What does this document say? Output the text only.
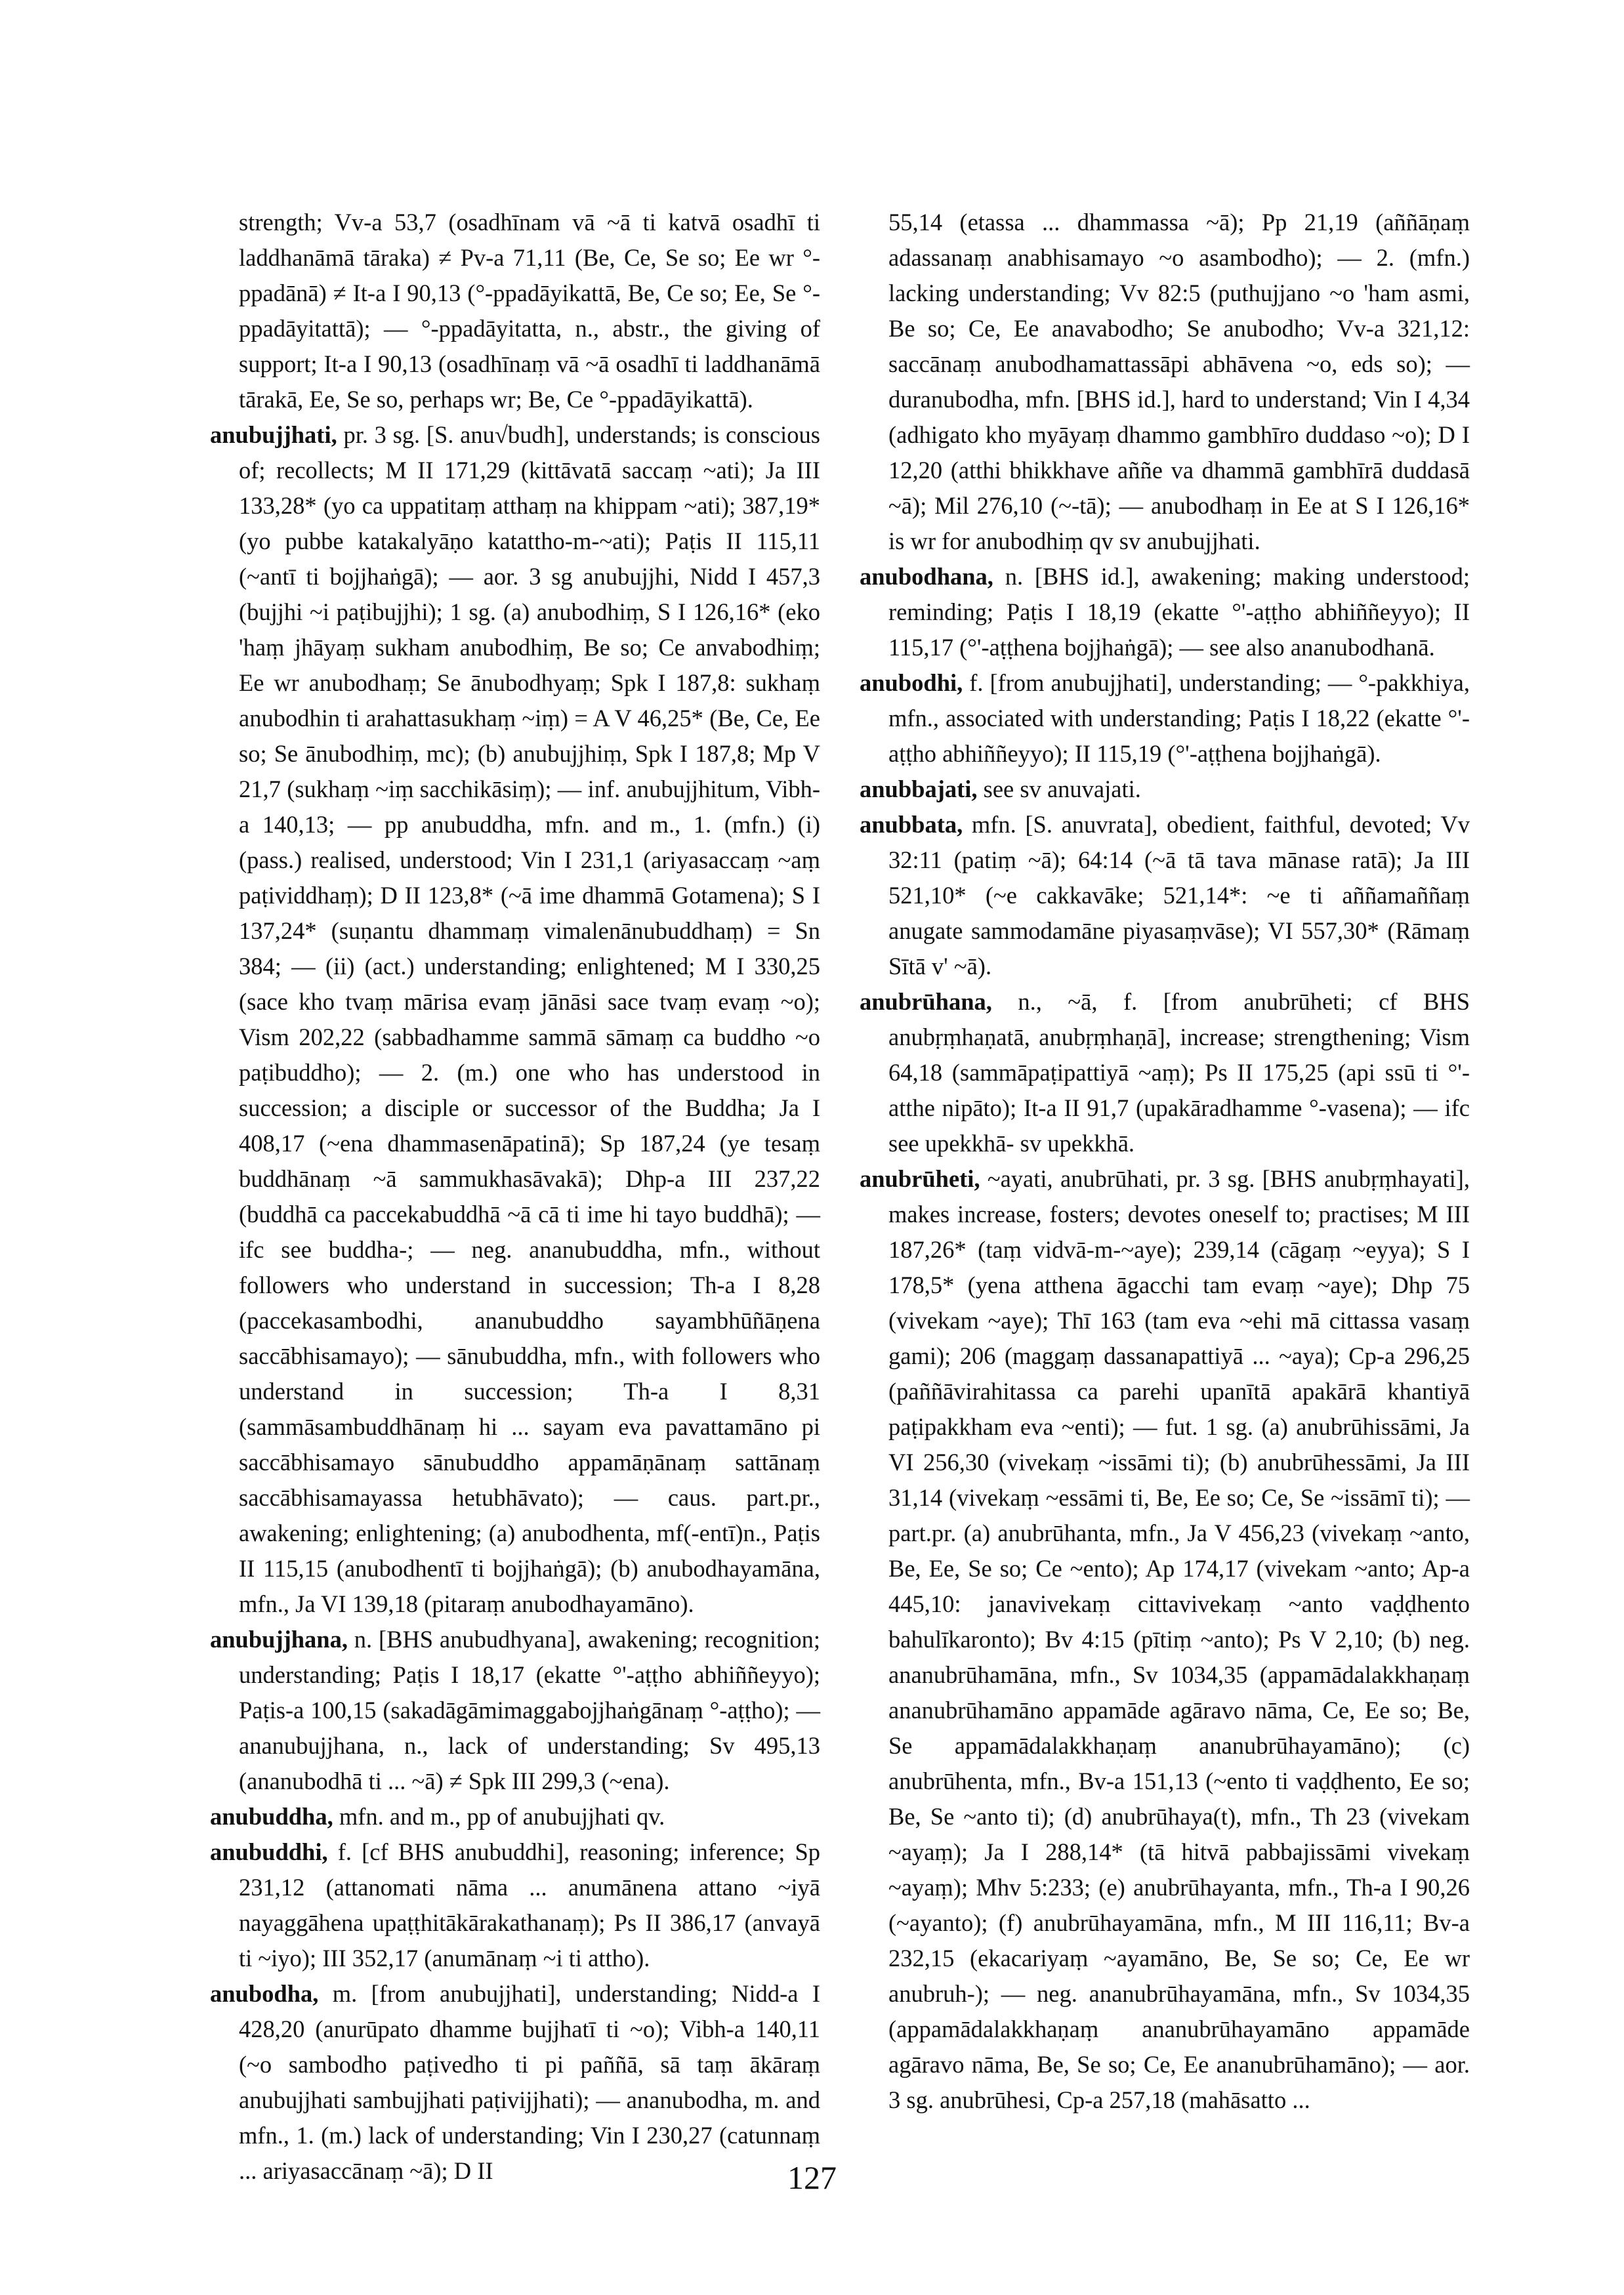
strength; Vv-a 53,7 (osadhīnam vā ~ā ti katvā osadhī ti laddhanāmā tāraka) ≠ Pv-a 71,11 (Be, Ce, Se so; Ee wr °-ppadānā) ≠ It-a I 90,13 (°-ppadāyikattā, Be, Ce so; Ee, Se °-ppadāyitattā); — °-ppadāyitatta, n., abstr., the giving of support; It-a I 90,13 (osadhīnaṃ vā ~ā osadhī ti laddhanāmā tārakā, Ee, Se so, perhaps wr; Be, Ce °-ppadāyikattā).

anubujjhati, pr. 3 sg. [S. anu√budh], understands; is conscious of; recollects; M II 171,29 (kittāvatā saccaṃ ~ati); Ja III 133,28* (yo ca uppatitaṃ atthaṃ na khippam ~ati); 387,19* (yo pubbe katakalyāṇo katattho-m-~ati); Paṭis II 115,11 (~antī ti bojjhaṅgā); — aor. 3 sg anubujjhi, Nidd I 457,3 (bujjhi ~i paṭibujjhi); 1 sg. (a) anubodhiṃ, S I 126,16* (eko 'haṃ jhāyaṃ sukham anubodhiṃ, Be so; Ce anvabodhiṃ; Ee wr anubodhaṃ; Se ānubodhyaṃ; Spk I 187,8: sukhaṃ anubodhin ti arahattasukhaṃ ~iṃ) = A V 46,25* (Be, Ce, Ee so; Se ānubodhiṃ, mc); (b) anubujjhiṃ, Spk I 187,8; Mp V 21,7 (sukhaṃ ~iṃ sacchikāsiṃ); — inf. anubujjhitum, Vibh-a 140,13; — pp anubuddha, mfn. and m., 1. (mfn.) (i) (pass.) realised, understood; Vin I 231,1 (ariyasaccaṃ ~aṃ paṭividdhaṃ); D II 123,8* (~ā ime dhammā Gotamena); S I 137,24* (suṇantu dhammaṃ vimalenānubuddhaṃ) = Sn 384; — (ii) (act.) understanding; enlightened; M I 330,25 (sace kho tvaṃ mārisa evaṃ jānāsi sace tvaṃ evaṃ ~o); Vism 202,22 (sabbadhamme sammā sāmaṃ ca buddho ~o paṭibuddho); — 2. (m.) one who has understood in succession; a disciple or successor of the Buddha; Ja I 408,17 (~ena dhammasenāpatinā); Sp 187,24 (ye tesaṃ buddhānaṃ ~ā sammukhasāvakā); Dhp-a III 237,22 (buddhā ca paccekabuddhā ~ā cā ti ime hi tayo buddhā); — ifc see buddha-; — neg. ananubuddha, mfn., without followers who understand in succession; Th-a I 8,28 (paccekasambodhi, ananubuddho sayambhūñāṇena saccābhisamayo); — sānubuddha, mfn., with followers who understand in succession; Th-a I 8,31 (sammāsambuddhānaṃ hi ... sayam eva pavattamāno pi saccābhisamayo sānubuddho appamāṇānaṃ sattānaṃ saccābhisamayassa hetubhāvato); — caus. part.pr., awakening; enlightening; (a) anubodhenta, mf(-entī)n., Paṭis II 115,15 (anubodhentī ti bojjhaṅgā); (b) anubodhayamāna, mfn., Ja VI 139,18 (pitaraṃ anubodhayamāno).

anubujjhana, n. [BHS anubudhyana], awakening; recognition; understanding; Paṭis I 18,17 (ekatte °'-aṭṭho abhiññeyyo); Paṭis-a 100,15 (sakadāgāmimaggabojjhaṅgānaṃ °-aṭṭho); — ananubujjhana, n., lack of understanding; Sv 495,13 (ananubodhā ti ... ~ā) ≠ Spk III 299,3 (~ena).

anubuddha, mfn. and m., pp of anubujjhati qv.

anubuddhi, f. [cf BHS anubuddhi], reasoning; inference; Sp 231,12 (attanomati nāma ... anumānena attano ~iyā nayaggāhena upaṭṭhitākārakathanaṃ); Ps II 386,17 (anvayā ti ~iyo); III 352,17 (anumānaṃ ~i ti attho).

anubodha, m. [from anubujjhati], understanding; Nidd-a I 428,20 (anurūpato dhamme bujjhatī ti ~o); Vibh-a 140,11 (~o sambodho paṭivedho ti pi paññā, sā taṃ ākāraṃ anubujjhati sambujjhati paṭivijjhati); — ananubodha, m. and mfn., 1. (m.) lack of understanding; Vin I 230,27 (catunnaṃ ... ariyasaccānaṃ ~ā); D II

55,14 (etassa ... dhammassa ~ā); Pp 21,19 (aññāṇaṃ adassanaṃ anabhisamayo ~o asambodho); — 2. (mfn.) lacking understanding; Vv 82:5 (puthujjano ~o 'ham asmi, Be so; Ce, Ee anavabodho; Se anubodho; Vv-a 321,12: saccānaṃ anubodhamattassāpi abhāvena ~o, eds so); — duranubodha, mfn. [BHS id.], hard to understand; Vin I 4,34 (adhigato kho myāyaṃ dhammo gambhīro duddaso ~o); D I 12,20 (atthi bhikkhave aññe va dhammā gambhīrā duddasā ~ā); Mil 276,10 (~-tā); — anubodhaṃ in Ee at S I 126,16* is wr for anubodhiṃ qv sv anubujjhati.

anubodhana, n. [BHS id.], awakening; making understood; reminding; Paṭis I 18,19 (ekatte °'-aṭṭho abhiññeyyo); II 115,17 (°'-aṭṭhena bojjhaṅgā); — see also ananubodhanā.

anubodhi, f. [from anubujjhati], understanding; — °-pakkhiya, mfn., associated with understanding; Paṭis I 18,22 (ekatte °'-aṭṭho abhiññeyyo); II 115,19 (°'-aṭṭhena bojjhaṅgā).

anubbajati, see sv anuvajati.

anubbata, mfn. [S. anuvrata], obedient, faithful, devoted; Vv 32:11 (patiṃ ~ā); 64:14 (~ā tā tava mānase ratā); Ja III 521,10* (~e cakkavāke; 521,14*: ~e ti aññamaññaṃ anugate sammodamāne piyasaṃvāse); VI 557,30* (Rāmaṃ Sītā v' ~ā).

anubrūhana, n., ~ā, f. [from anubrūheti; cf BHS anubṛṃhaṇatā, anubṛṃhaṇā], increase; strengthening; Vism 64,18 (sammāpaṭipattiyā ~aṃ); Ps II 175,25 (api ssū ti °'-atthe nipāto); It-a II 91,7 (upakāradhamme °-vasena); — ifc see upekkhā- sv upekkhā.

anubrūheti, ~ayati, anubrūhati, pr. 3 sg. [BHS anubṛṃhayati], makes increase, fosters; devotes oneself to; practises; M III 187,26* (taṃ vidvā-m-~aye); 239,14 (cāgaṃ ~eyya); S I 178,5* (yena atthena āgacchi tam evaṃ ~aye); Dhp 75 (vivekam ~aye); Thī 163 (tam eva ~ehi mā cittassa vasaṃ gami); 206 (maggaṃ dassanapattiyā ... ~aya); Cp-a 296,25 (paññāvirahitassa ca parehi upanītā apakārā khantiyā paṭipakkham eva ~enti); — fut. 1 sg. (a) anubrūhissāmi, Ja VI 256,30 (vivekaṃ ~issāmi ti); (b) anubrūhessāmi, Ja III 31,14 (vivekaṃ ~essāmi ti, Be, Ee so; Ce, Se ~issāmī ti); — part.pr. (a) anubrūhanta, mfn., Ja V 456,23 (vivekaṃ ~anto, Be, Ee, Se so; Ce ~ento); Ap 174,17 (vivekam ~anto; Ap-a 445,10: janavivekaṃ cittavivekaṃ ~anto vaḍḍhento bahulīkaronto); Bv 4:15 (pītiṃ ~anto); Ps V 2,10; (b) neg. ananubrūhamāna, mfn., Sv 1034,35 (appamādalakkhaṇaṃ ananubrūhamāno appamāde agāravo nāma, Ce, Ee so; Be, Se appamādalakkhaṇaṃ ananubrūhayamāno); (c) anubrūhenta, mfn., Bv-a 151,13 (~ento ti vaḍḍhento, Ee so; Be, Se ~anto ti); (d) anubrūhaya(t), mfn., Th 23 (vivekam ~ayaṃ); Ja I 288,14* (tā hitvā pabbajissāmi vivekaṃ ~ayaṃ); Mhv 5:233; (e) anubrūhayanta, mfn., Th-a I 90,26 (~ayanto); (f) anubrūhayamāna, mfn., M III 116,11; Bv-a 232,15 (ekacariyaṃ ~ayamāno, Be, Se so; Ce, Ee wr anubruh-); — neg. ananubrūhayamāna, mfn., Sv 1034,35 (appamādalakkhaṇaṃ ananubrūhayamāno appamāde agāravo nāma, Be, Se so; Ce, Ee ananubrūhamāno); — aor. 3 sg. anubrūhesi, Cp-a 257,18 (mahāsatto ...

127
